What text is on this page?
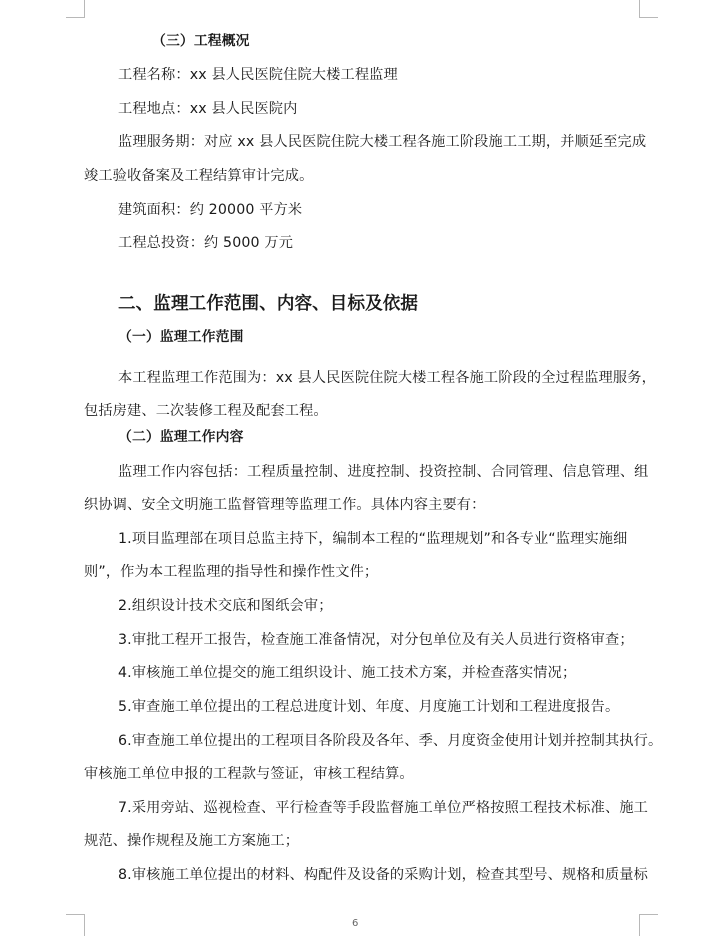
（三）工程概况
工程名称：xx 县人民医院住院大楼工程监理
工程地点：xx 县人民医院内
监理服务期：对应 xx 县人民医院住院大楼工程各施工阶段施工工期，并顺延至完成
竣工验收备案及工程结算审计完成。
建筑面积：约 20000 平方米
工程总投资：约 5000 万元
二、监理工作范围、内容、目标及依据
（一）监理工作范围
本工程监理工作范围为：xx 县人民医院住院大楼工程各施工阶段的全过程监理服务，
包括房建、二次装修工程及配套工程。
（二）监理工作内容
监理工作内容包括：工程质量控制、进度控制、投资控制、合同管理、信息管理、组
织协调、安全文明施工监督管理等监理工作。具体内容主要有：
1.项目监理部在项目总监主持下，编制本工程的“监理规划”和各专业“监理实施细
则”，作为本工程监理的指导性和操作性文件；
2.组织设计技术交底和图纸会审；
3.审批工程开工报告，检查施工准备情况，对分包单位及有关人员进行资格审查；
4.审核施工单位提交的施工组织设计、施工技术方案，并检查落实情况；
5.审查施工单位提出的工程总进度计划、年度、月度施工计划和工程进度报告。
6.审查施工单位提出的工程项目各阶段及各年、季、月度资金使用计划并控制其执行。
审核施工单位申报的工程款与签证，审核工程结算。
7.采用旁站、巡视检查、平行检查等手段监督施工单位严格按照工程技术标准、施工
规范、操作规程及施工方案施工；
8.审核施工单位提出的材料、构配件及设备的采购计划，检查其型号、规格和质量标
6
